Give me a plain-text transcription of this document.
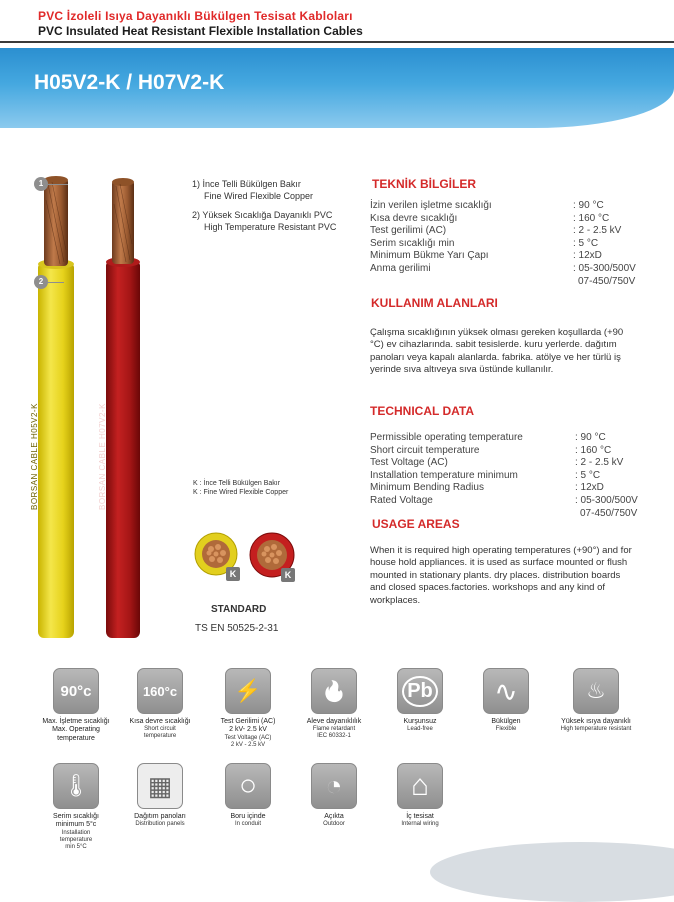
PVC İzoleli Isıya Dayanıklı Bükülgen Tesisat Kabloları
PVC Insulated Heat Resistant Flexible Installation Cables
H05V2-K / H07V2-K
1
2
BORSAN CABLE H05V2-K	BORSAN CABLE H07V2-K
1) İnce Telli Bükülgen Bakır
Fine Wired Flexible Copper
2) Yüksek Sıcaklığa Dayanıklı PVC
High Temperature Resistant PVC
K : İnce Telli Bükülgen Bakır
K : Fine Wired Flexible Copper
K	K
STANDARD
TS EN 50525-2-31
TEKNİK BİLGİLER
İzin verilen işletme sıcaklığı	: 90 °C
Kısa devre sıcaklığı	: 160 °C
Test gerilimi (AC)	: 2 - 2.5 kV
Serim sıcaklığı min	: 5 °C
Minimum Bükme Yarı Çapı	: 12xD
Anma gerilimi	: 05-300/500V
07-450/750V
KULLANIM ALANLARI
Çalışma sıcaklığının yüksek olması gereken koşullarda (+90 °C) ev cihazlarında. sabit tesislerde. kuru yerlerde. dağıtım panoları veya kapalı alanlarda. fabrika. atölye ve her türlü iş yerinde sıva altıveya sıva üstünde kullanılır.
TECHNICAL DATA
Permissible operating temperature	: 90 °C
Short circuit temperature	: 160 °C
Test Voltage (AC)	: 2 - 2.5 kV
Installation temperature minimum	: 5 °C
Minimum Bending Radius	: 12xD
Rated Voltage	: 05-300/500V
07-450/750V
USAGE AREAS
When it is required high operating temperatures (+90°) and for house hold appliances. it is used as surface mounted or flush mounted in stationary plants. dry places. distribution boards and closed spaces.factories. workshops and any kind of workplaces.
90°c
Max. İşletme sıcaklığı
Max. Operating
temperature
160°c
Kısa devre sıcaklığı
Short circuit
temperature
⚡
Test Gerilimi (AC)
2 kV- 2.5 kV
Test Voltage (AC)
2 kV - 2.5 kV
🔥
Aleve dayanıklılık
Flame retardant
IEC 60332-1
Pb
Kurşunsuz
Lead-free
∿
Bükülgen
Flexible
♨
Yüksek ısıya dayanıklı
High temperature resistant
🌡
Serim sıcaklığı
minimum 5°c
Installation
temperature
min 5°C
▦
Dağıtım panoları
Distribution panels
○
Boru içinde
In conduit
◔
Açıkta
Outdoor
⌂
İç tesisat
Internal wiring
